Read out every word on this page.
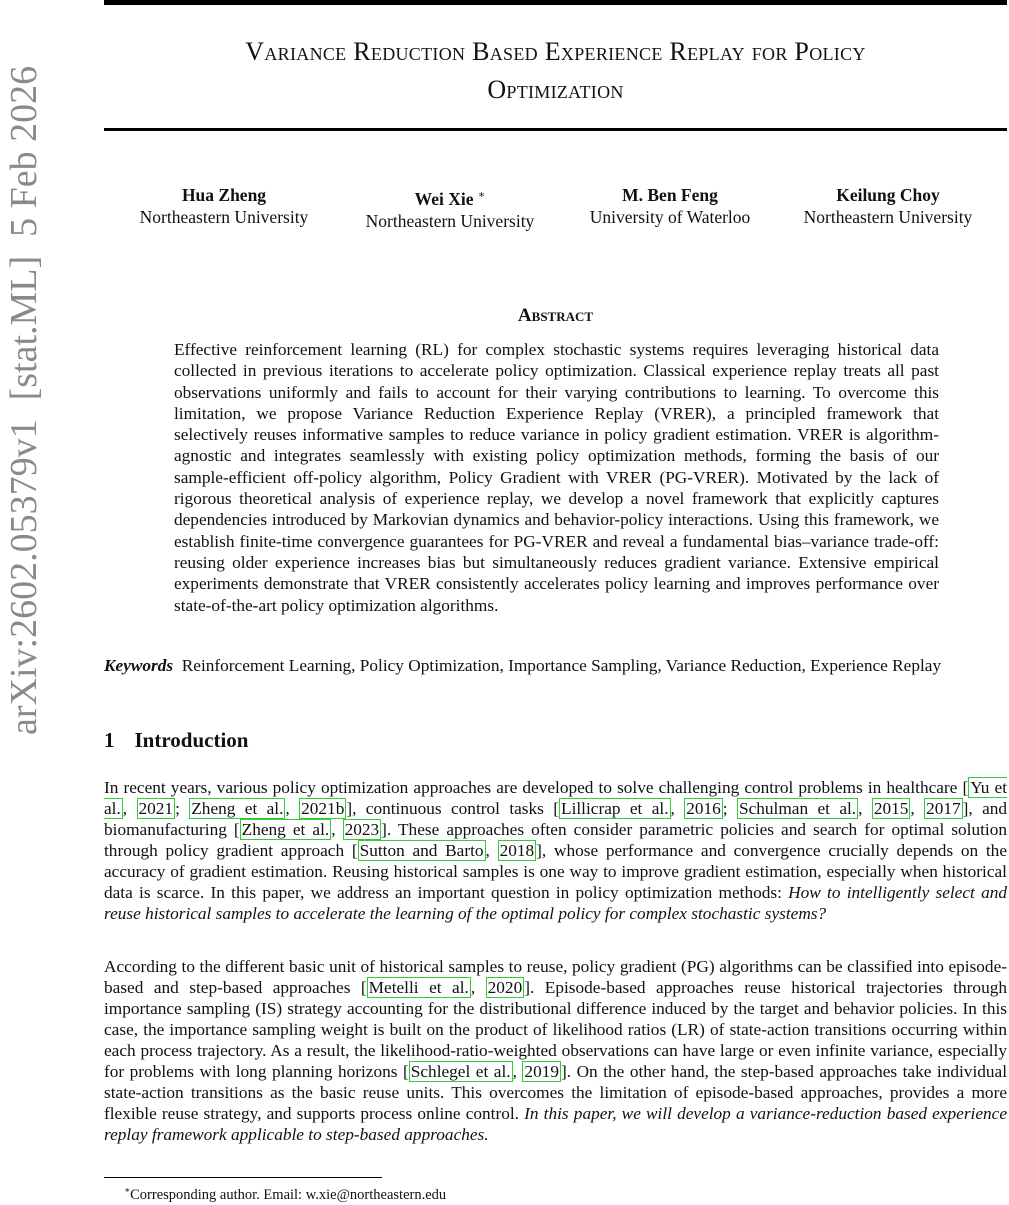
arXiv:2602.05379v1  [stat.ML]  5 Feb 2026
Variance Reduction Based Experience Replay for Policy
Optimization
Hua Zheng
Northeastern University
Wei Xie ∗
Northeastern University
M. Ben Feng
University of Waterloo
Keilung Choy
Northeastern University
Abstract
Effective reinforcement learning (RL) for complex stochastic systems requires leveraging historical data collected in previous iterations to accelerate policy optimization. Classical experience replay treats all past observations uniformly and fails to account for their varying contributions to learning. To overcome this limitation, we propose Variance Reduction Experience Replay (VRER), a principled framework that selectively reuses informative samples to reduce variance in policy gradient estimation. VRER is algorithm-agnostic and integrates seamlessly with existing policy optimization methods, forming the basis of our sample-efficient off-policy algorithm, Policy Gradient with VRER (PG-VRER). Motivated by the lack of rigorous theoretical analysis of experience replay, we develop a novel framework that explicitly captures dependencies introduced by Markovian dynamics and behavior-policy interactions. Using this framework, we establish finite-time convergence guarantees for PG-VRER and reveal a fundamental bias–variance trade-off: reusing older experience increases bias but simultaneously reduces gradient variance. Extensive empirical experiments demonstrate that VRER consistently accelerates policy learning and improves performance over state-of-the-art policy optimization algorithms.
Keywords Reinforcement Learning, Policy Optimization, Importance Sampling, Variance Reduction, Experience Replay
1 Introduction
In recent years, various policy optimization approaches are developed to solve challenging control problems in healthcare [ Yu et al. , 2021 ; Zheng et al. , 2021b ], continuous control tasks [ Lillicrap et al. , 2016 ; Schulman et al. , 2015 , 2017 ], and biomanufacturing [ Zheng et al. , 2023 ]. These approaches often consider parametric policies and search for optimal solution through policy gradient approach [ Sutton and Barto , 2018 ], whose performance and convergence crucially depends on the accuracy of gradient estimation. Reusing historical samples is one way to improve gradient estimation, especially when historical data is scarce. In this paper, we address an important question in policy optimization methods: How to intelligently select and reuse historical samples to accelerate the learning of the optimal policy for complex stochastic systems?
According to the different basic unit of historical samples to reuse, policy gradient (PG) algorithms can be classified into episode-based and step-based approaches [ Metelli et al. , 2020 ]. Episode-based approaches reuse historical trajectories through importance sampling (IS) strategy accounting for the distributional difference induced by the target and behavior policies. In this case, the importance sampling weight is built on the product of likelihood ratios (LR) of state-action transitions occurring within each process trajectory. As a result, the likelihood-ratio-weighted observations can have large or even infinite variance, especially for problems with long planning horizons [ Schlegel et al. , 2019 ]. On the other hand, the step-based approaches take individual state-action transitions as the basic reuse units. This overcomes the limitation of episode-based approaches, provides a more flexible reuse strategy, and supports process online control. In this paper, we will develop a variance-reduction based experience replay framework applicable to step-based approaches.
∗Corresponding author. Email: w.xie@northeastern.edu
